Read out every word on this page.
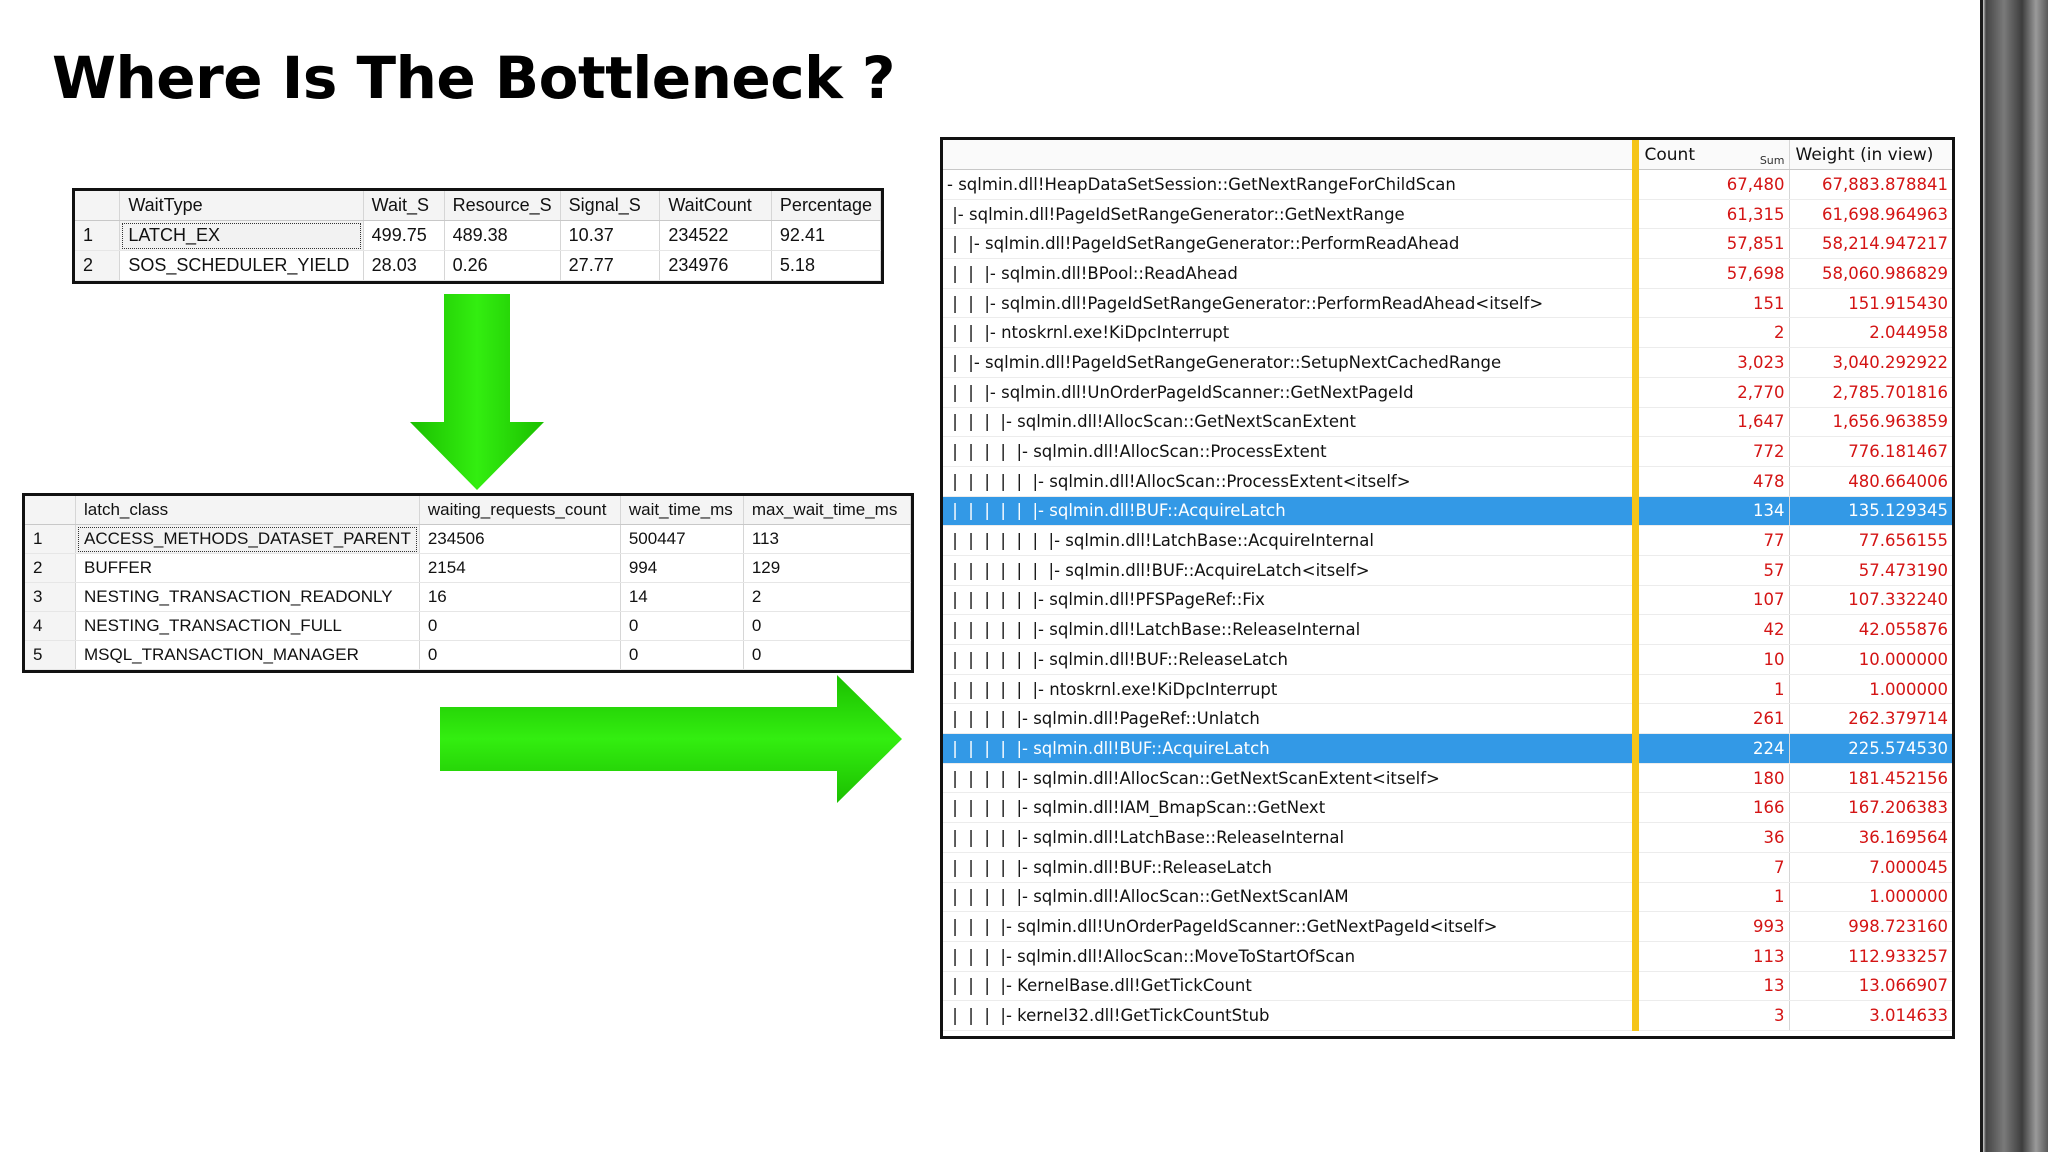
Where Is The Bottleneck ?
	WaitType	Wait_S	Resource_S	Signal_S	WaitCount	Percentage
1	LATCH_EX	499.75	489.38	10.37	234522	92.41
2	SOS_SCHEDULER_YIELD	28.03	0.26	27.77	234976	5.18
	latch_class	waiting_requests_count	wait_time_ms	max_wait_time_ms
1	ACCESS_METHODS_DATASET_PARENT	234506	500447	113
2	BUFFER	2154	994	129
3	NESTING_TRANSACTION_READONLY	16	14	2
4	NESTING_TRANSACTION_FULL	0	0	0
5	MSQL_TRANSACTION_MANAGER	0	0	0
	Count Sum	Weight (in view)
- sqlmin.dll!HeapDataSetSession::GetNextRangeForChildScan	67,480	67,883.878841
|- sqlmin.dll!PageIdSetRangeGenerator::GetNextRange	61,315	61,698.964963
|  |- sqlmin.dll!PageIdSetRangeGenerator::PerformReadAhead	57,851	58,214.947217
|  |  |- sqlmin.dll!BPool::ReadAhead	57,698	58,060.986829
|  |  |- sqlmin.dll!PageIdSetRangeGenerator::PerformReadAhead<itself>	151	151.915430
|  |  |- ntoskrnl.exe!KiDpcInterrupt	2	2.044958
|  |- sqlmin.dll!PageIdSetRangeGenerator::SetupNextCachedRange	3,023	3,040.292922
|  |  |- sqlmin.dll!UnOrderPageIdScanner::GetNextPageId	2,770	2,785.701816
|  |  |  |- sqlmin.dll!AllocScan::GetNextScanExtent	1,647	1,656.963859
|  |  |  |  |- sqlmin.dll!AllocScan::ProcessExtent	772	776.181467
|  |  |  |  |  |- sqlmin.dll!AllocScan::ProcessExtent<itself>	478	480.664006
|  |  |  |  |  |- sqlmin.dll!BUF::AcquireLatch	134	135.129345
|  |  |  |  |  |  |- sqlmin.dll!LatchBase::AcquireInternal	77	77.656155
|  |  |  |  |  |  |- sqlmin.dll!BUF::AcquireLatch<itself>	57	57.473190
|  |  |  |  |  |- sqlmin.dll!PFSPageRef::Fix	107	107.332240
|  |  |  |  |  |- sqlmin.dll!LatchBase::ReleaseInternal	42	42.055876
|  |  |  |  |  |- sqlmin.dll!BUF::ReleaseLatch	10	10.000000
|  |  |  |  |  |- ntoskrnl.exe!KiDpcInterrupt	1	1.000000
|  |  |  |  |- sqlmin.dll!PageRef::Unlatch	261	262.379714
|  |  |  |  |- sqlmin.dll!BUF::AcquireLatch	224	225.574530
|  |  |  |  |- sqlmin.dll!AllocScan::GetNextScanExtent<itself>	180	181.452156
|  |  |  |  |- sqlmin.dll!IAM_BmapScan::GetNext	166	167.206383
|  |  |  |  |- sqlmin.dll!LatchBase::ReleaseInternal	36	36.169564
|  |  |  |  |- sqlmin.dll!BUF::ReleaseLatch	7	7.000045
|  |  |  |  |- sqlmin.dll!AllocScan::GetNextScanIAM	1	1.000000
|  |  |  |- sqlmin.dll!UnOrderPageIdScanner::GetNextPageId<itself>	993	998.723160
|  |  |  |- sqlmin.dll!AllocScan::MoveToStartOfScan	113	112.933257
|  |  |  |- KernelBase.dll!GetTickCount	13	13.066907
|  |  |  |- kernel32.dll!GetTickCountStub	3	3.014633
